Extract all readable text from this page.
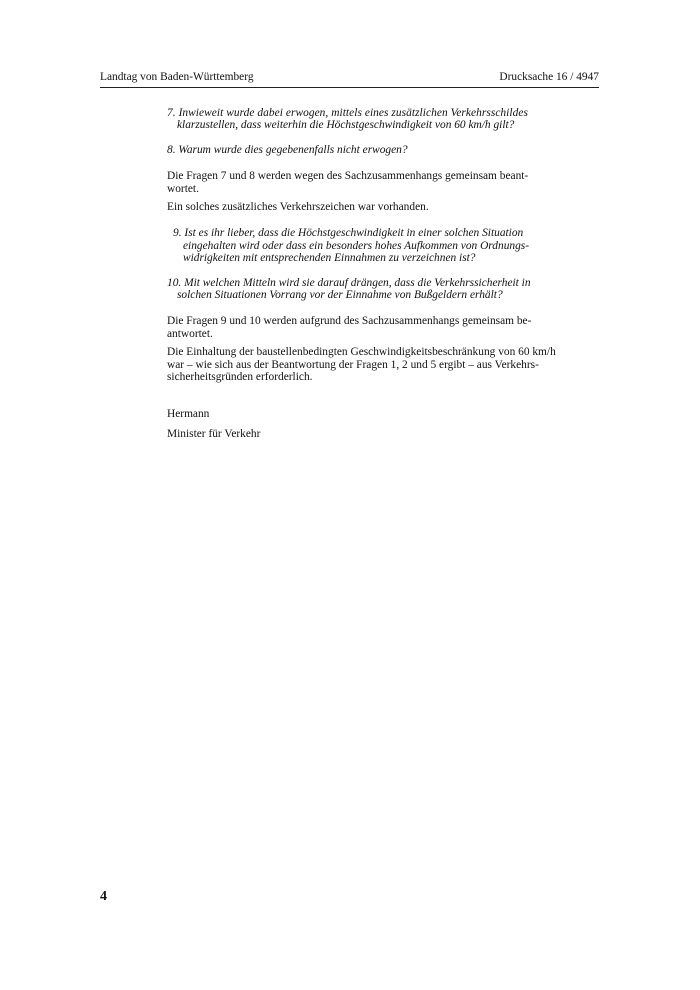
Landtag von Baden-Württemberg	Drucksache 16 / 4947
7. Inwieweit wurde dabei erwogen, mittels eines zusätzlichen Verkehrsschildes
klarzustellen, dass weiterhin die Höchstgeschwindigkeit von 60 km/h gilt?
8. Warum wurde dies gegebenenfalls nicht erwogen?
Die Fragen 7 und 8 werden wegen des Sachzusammenhangs gemeinsam beant-
wortet.
Ein solches zusätzliches Verkehrszeichen war vorhanden.
9. Ist es ihr lieber, dass die Höchstgeschwindigkeit in einer solchen Situation
eingehalten wird oder dass ein besonders hohes Aufkommen von Ordnungs-
widrigkeiten mit entsprechenden Einnahmen zu verzeichnen ist?
10. Mit welchen Mitteln wird sie darauf drängen, dass die Verkehrssicherheit in
solchen Situationen Vorrang vor der Einnahme von Bußgeldern erhält?
Die Fragen 9 und 10 werden aufgrund des Sachzusammenhangs gemeinsam be-
antwortet.
Die Einhaltung der baustellenbedingten Geschwindigkeitsbeschränkung von 60 km/h
war – wie sich aus der Beantwortung der Fragen 1, 2 und 5 ergibt – aus Verkehrs-
sicherheitsgründen erforderlich.
Hermann
Minister für Verkehr
4
